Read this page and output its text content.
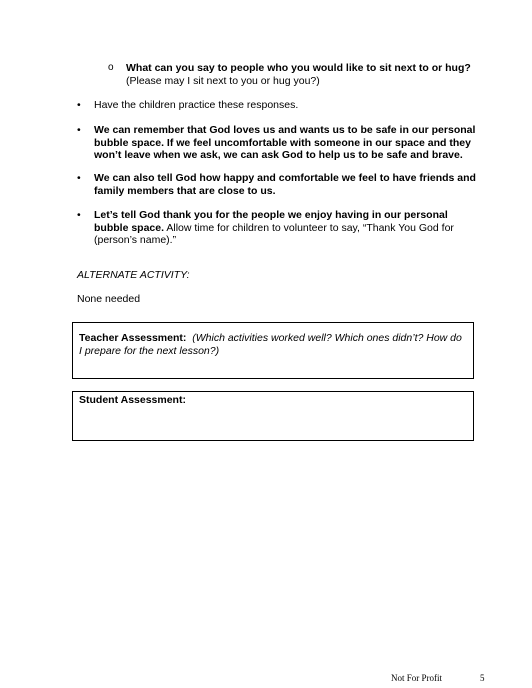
o What can you say to people who you would like to sit next to or hug?
(Please may I sit next to you or hug you?)
• Have the children practice these responses.
• We can remember that God loves us and wants us to be safe in our personal bubble space. If we feel uncomfortable with someone in our space and they won’t leave when we ask, we can ask God to help us to be safe and brave.
• We can also tell God how happy and comfortable we feel to have friends and family members that are close to us.
• Let’s tell God thank you for the people we enjoy having in our personal bubble space. Allow time for children to volunteer to say, “Thank You God for (person’s name).”
ALTERNATE ACTIVITY:
None needed
Teacher Assessment: (Which activities worked well? Which ones didn’t? How do I prepare for the next lesson?)
Student Assessment:
Not For Profit	5
